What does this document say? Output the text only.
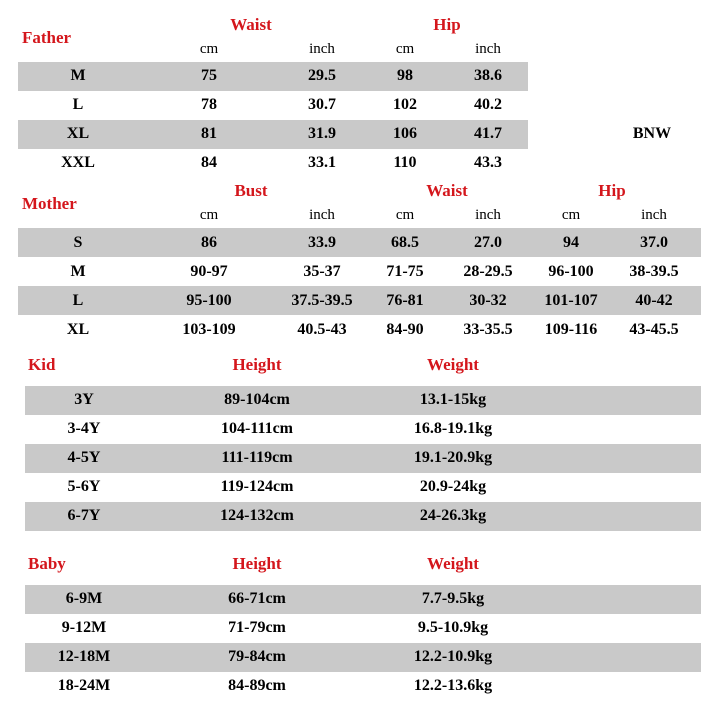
Father
Waist	Hip
cm	inch	cm	inch
M	75	29.5	98	38.6
L	78	30.7	102	40.2
XL	81	31.9	106	41.7
XXL	84	33.1	110	43.3
BNW
Mother
Bust	Waist	Hip
cm	inch	cm	inch	cm	inch
S	86	33.9	68.5	27.0	94	37.0
M	90-97	35-37	71-75 28-29.5 96-100 38-39.5
L	95-100	37.5-39.5 76-81	30-32 101-107 40-42
XL	103-109	40.5-43 84-90 33-35.5 109-116 43-45.5
Kid	Height	Weight
3Y	89-104cm	13.1-15kg
3-4Y	104-111cm	16.8-19.1kg
4-5Y	111-119cm	19.1-20.9kg
5-6Y	119-124cm	20.9-24kg
6-7Y	124-132cm	24-26.3kg
Baby	Height	Weight
6-9M	66-71cm	7.7-9.5kg
9-12M	71-79cm	9.5-10.9kg
12-18M	79-84cm	12.2-10.9kg
18-24M	84-89cm	12.2-13.6kg
